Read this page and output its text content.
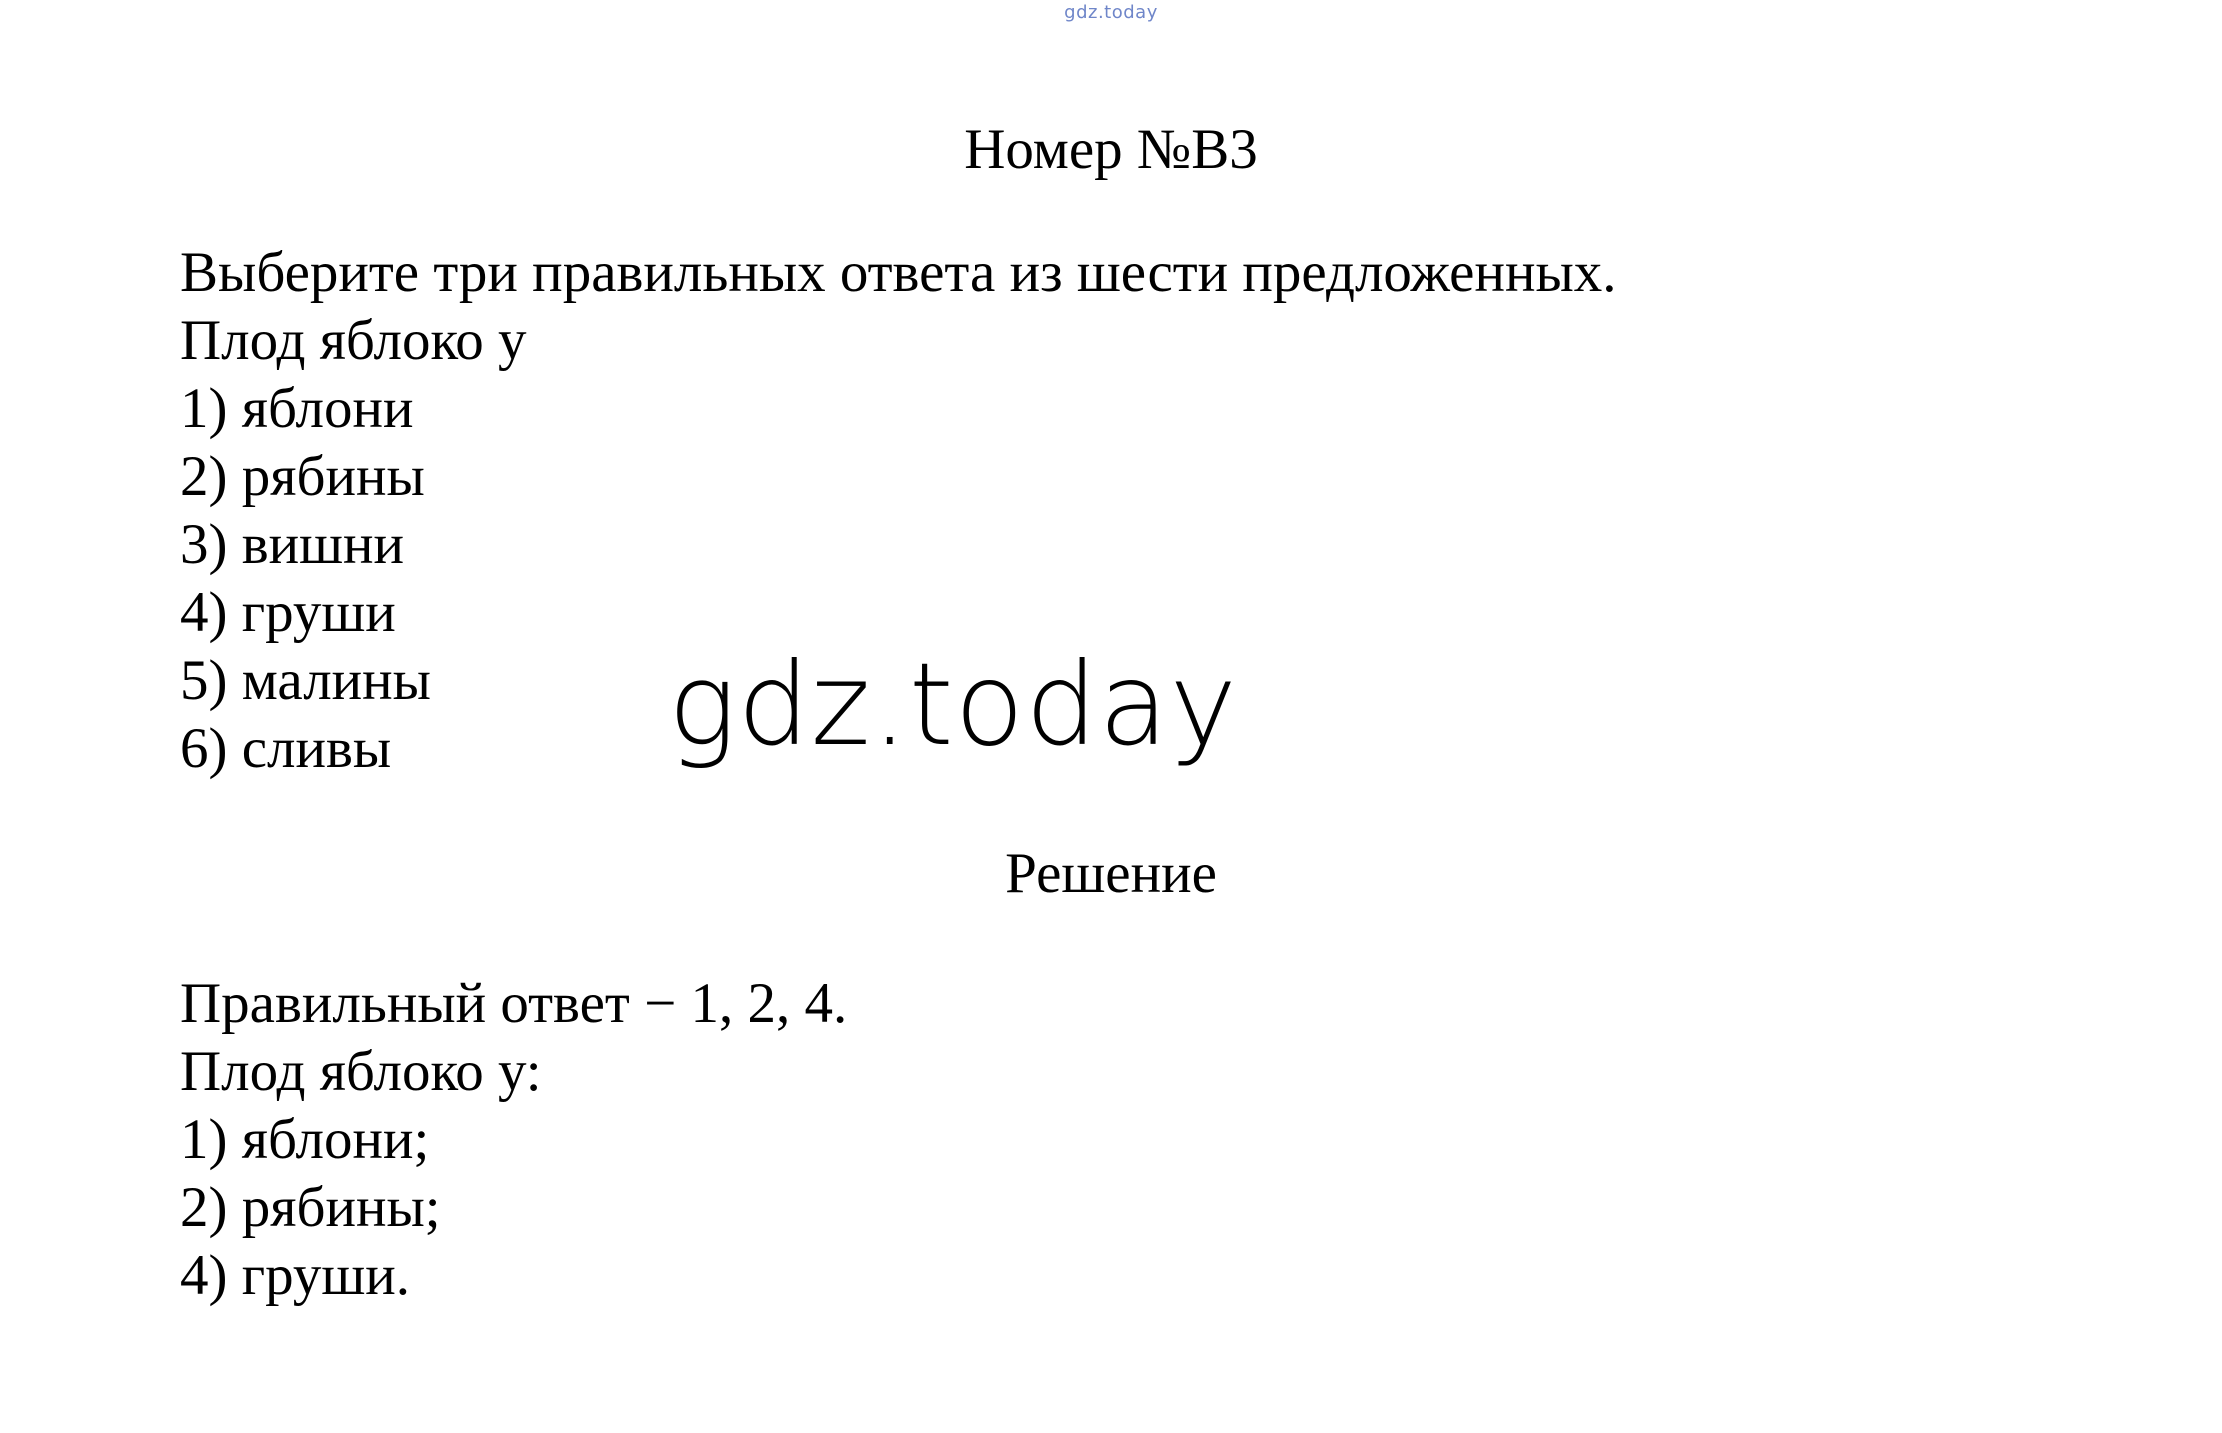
gdz.today
Номер №В3
Выберите три правильных ответа из шести предложенных.
Плод яблоко у
1) яблони
2) рябины
3) вишни
4) груши
5) малины
6) сливы	gdz.today
Решение
Правильный ответ − 1, 2, 4.
Плод яблоко у:
1) яблони;
2) рябины;
4) груши.
